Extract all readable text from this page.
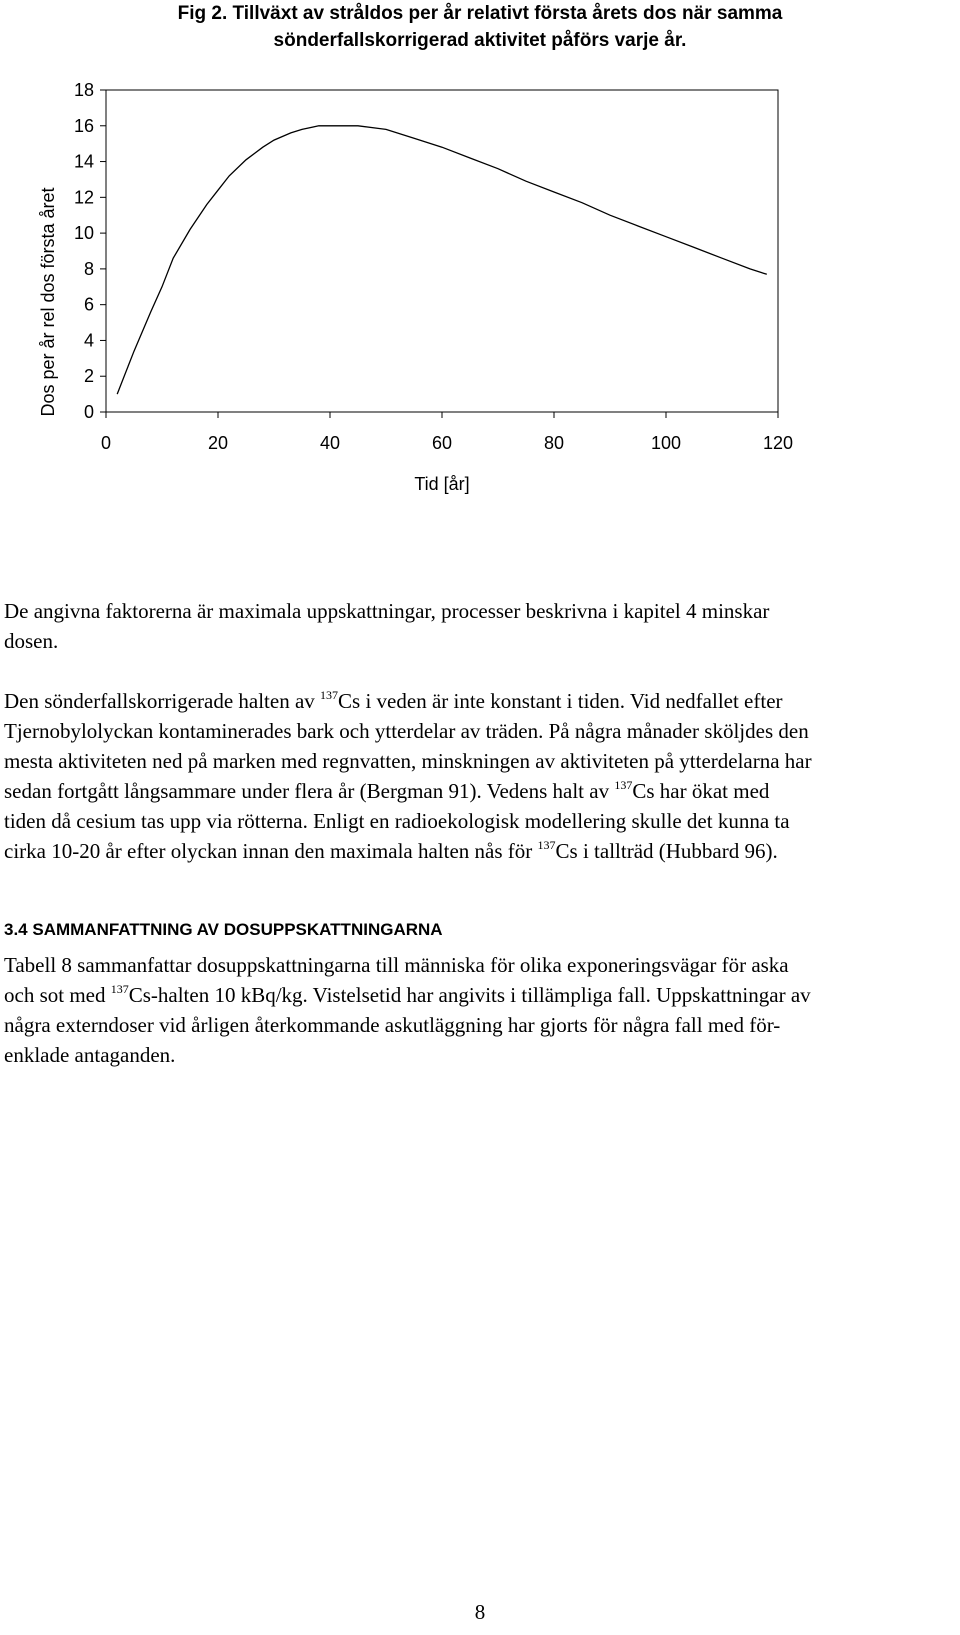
Fig 2. Tillväxt av stråldos per år relativt första årets dos när samma
sönderfallskorrigerad aktivitet påförs varje år.
0
2
4
6
8
10
12
14
16
18
0	20	40	60	80	100	120
Dos per år rel dos första året
Tid [år]

De angivna faktorerna är maximala uppskattningar, processer beskrivna i kapitel 4 minskar
dosen.

Den sönderfallskorrigerade halten av $^{137}$Cs i veden är inte konstant i tiden. Vid nedfallet efter
Tjernobylolyckan kontaminerades bark och ytterdelar av träden. På några månader sköljdes den
mesta aktiviteten ned på marken med regnvatten, minskningen av aktiviteten på ytterdelarna har
sedan fortgått långsammare under flera år (Bergman 91). Vedens halt av $^{137}$Cs har ökat med
tiden då cesium tas upp via rötterna. Enligt en radioekologisk modellering skulle det kunna ta
cirka 10-20 år efter olyckan innan den maximala halten nås för $^{137}$Cs i tallträd (Hubbard 96).

3.4 SAMMANFATTNING AV DOSUPPSKATTNINGARNA

Tabell 8 sammanfattar dosuppskattningarna till människa för olika exponeringsvägar för aska
och sot med $^{137}$Cs-halten 10 kBq/kg. Vistelsetid har angivits i tillämpliga fall. Uppskattningar av
några externdoser vid årligen återkommande askutläggning har gjorts för några fall med för-
enklade antaganden.

8
